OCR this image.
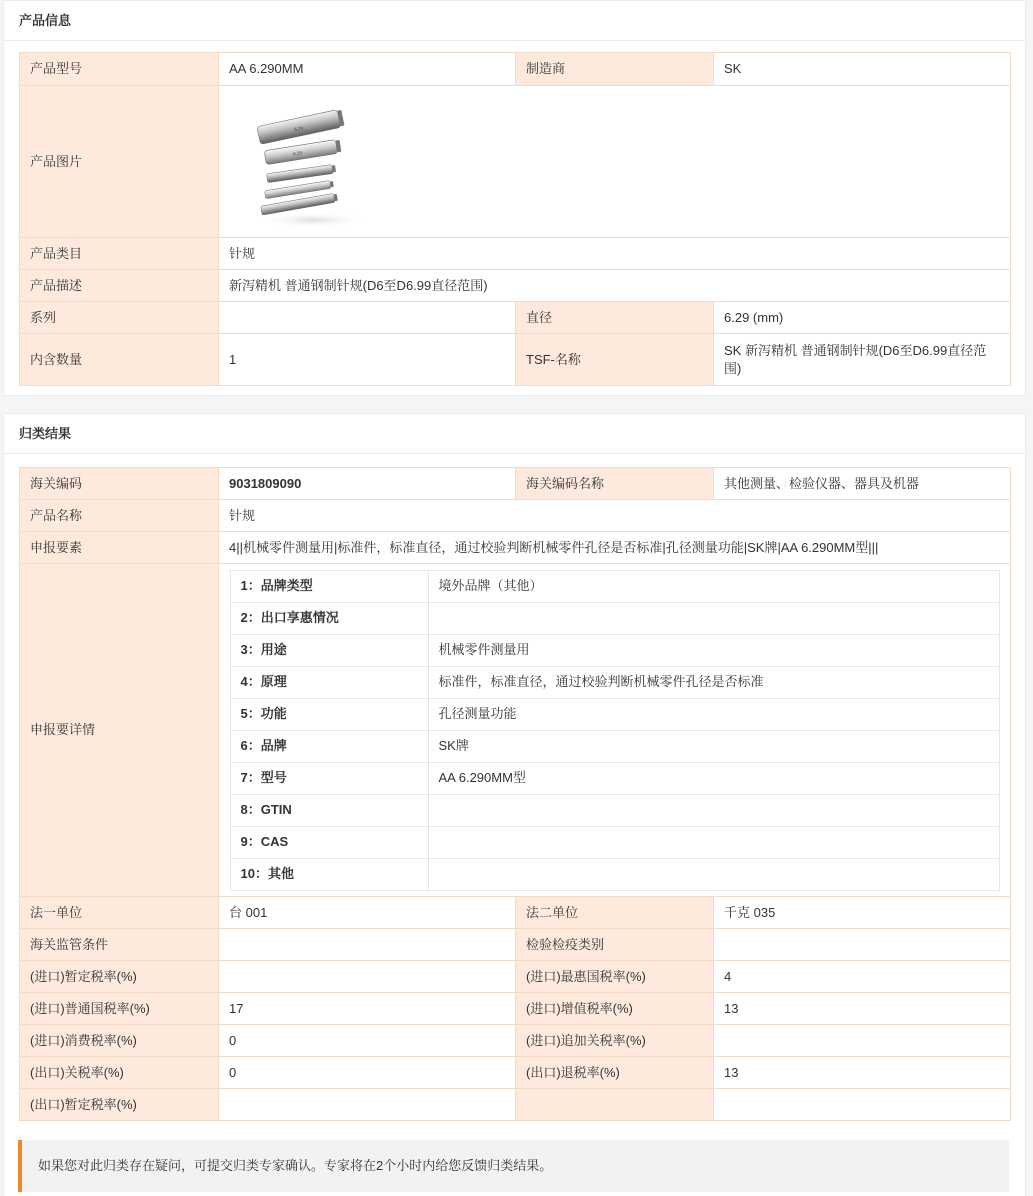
产品信息
产品型号	AA 6.290MM	制造商	SK
产品图片	6.29
6.29		

产品类目	针规		
产品描述	新泻精机 普通钢制针规(D6至D6.99直径范围)		
系列		直径	6.29 (mm)
内含数量	1	TSF-名称	SK 新泻精机 普通钢制针规(D6至D6.99直径范围)
归类结果
海关编码	9031809090	海关编码名称	其他测量、检验仪器、器具及机器
产品名称	针规
申报要素	4||机械零件测量用|标准件，标准直径，通过校验判断机械零件孔径是否标准|孔径测量功能|SK牌|AA 6.290MM型|||
申报要详情	
1：品牌类型	境外品牌（其他）
2：出口享惠情况	
3：用途	机械零件测量用
4：原理	标准件，标准直径，通过校验判断机械零件孔径是否标准
5：功能	孔径测量功能
6：品牌	SK牌
7：型号	AA 6.290MM型
8：GTIN	
9：CAS	
10：其他	

法一单位	台 001	法二单位	千克 035
海关监管条件		检验检疫类别	
(进口)暂定税率(%)		(进口)最惠国税率(%)	4
(进口)普通国税率(%)	17	(进口)增值税率(%)	13
(进口)消费税率(%)	0	(进口)追加关税率(%)	
(出口)关税率(%)	0	(出口)退税率(%)	13
(出口)暂定税率(%)			
如果您对此归类存在疑问，可提交归类专家确认。专家将在2个小时内给您反馈归类结果。
